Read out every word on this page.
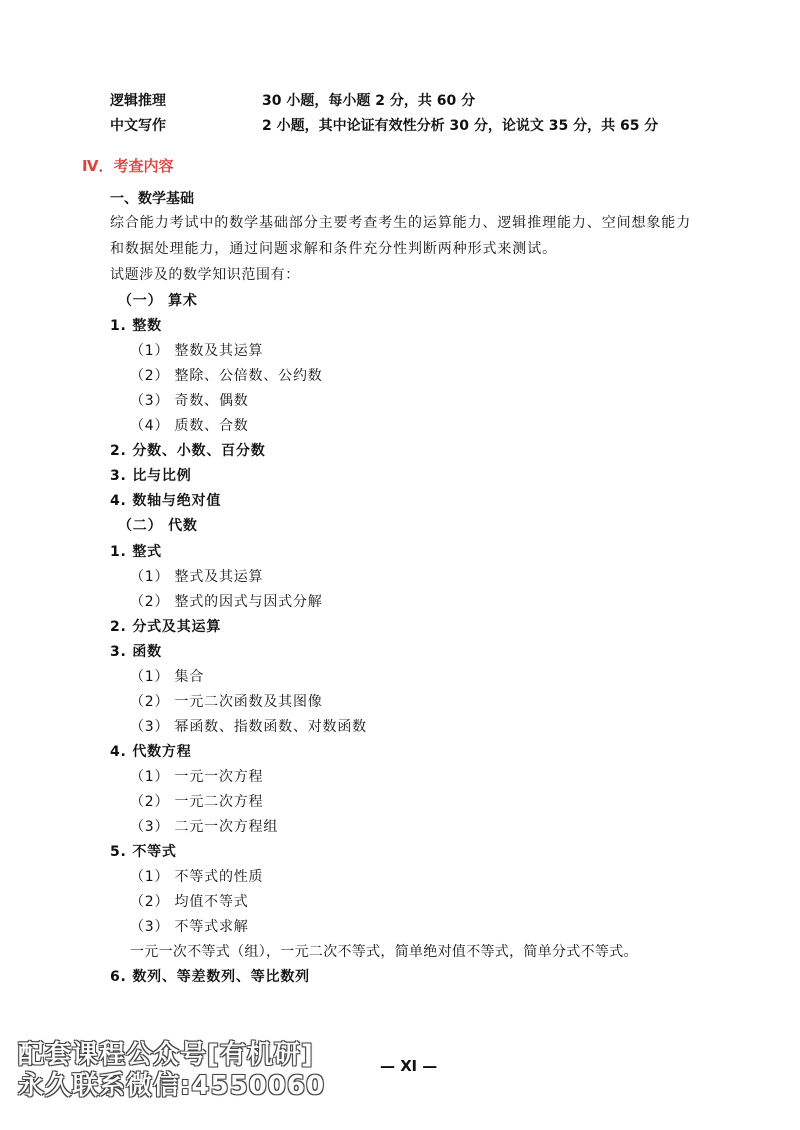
逻辑推理	30 小题，每小题 2 分，共 60 分
中文写作	2 小题，其中论证有效性分析 30 分，论说文 35 分，共 65 分
Ⅳ．考查内容
一、数学基础
综合能力考试中的数学基础部分主要考查考生的运算能力、逻辑推理能力、空间想象能力
和数据处理能力，通过问题求解和条件充分性判断两种形式来测试。
试题涉及的数学知识范围有：
（一） 算术
1. 整数
（1） 整数及其运算
（2） 整除、公倍数、公约数
（3） 奇数、偶数
（4） 质数、合数
2. 分数、小数、百分数
3. 比与比例
4. 数轴与绝对值
（二） 代数
1. 整式
（1） 整式及其运算
（2） 整式的因式与因式分解
2. 分式及其运算
3. 函数
（1） 集合
（2） 一元二次函数及其图像
（3） 幂函数、指数函数、对数函数
4. 代数方程
（1） 一元一次方程
（2） 一元二次方程
（3） 二元一次方程组
5. 不等式
（1） 不等式的性质
（2） 均值不等式
（3） 不等式求解
一元一次不等式（组），一元二次不等式，简单绝对值不等式，简单分式不等式。
6. 数列、等差数列、等比数列
配套课程公众号[有机研]
永久联系微信:4550060
— Ⅺ —
